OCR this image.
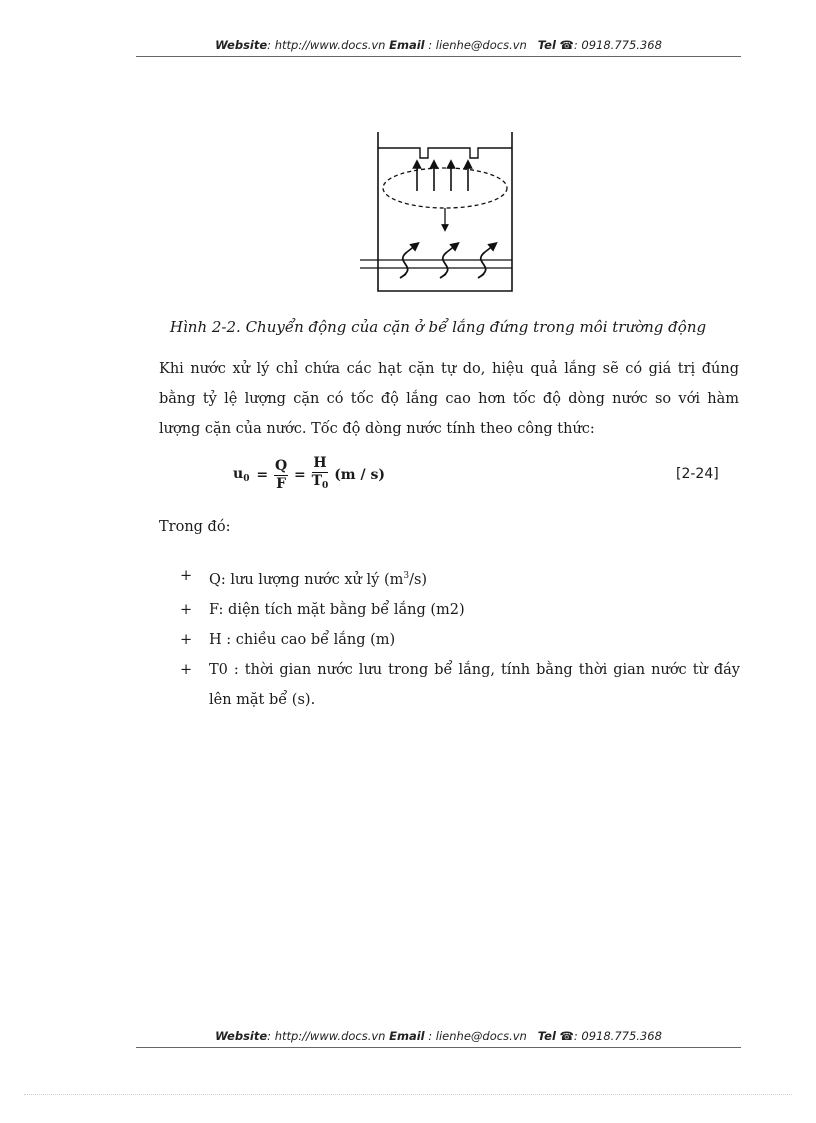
Website: http://www.docs.vn Email : lienhe@docs.vn Tel ☎: 0918.775.368
Hình 2-2. Chuyển động của cặn ở bể lắng đứng trong môi trường động
Khi nước xử lý chỉ chứa các hạt cặn tự do, hiệu quả lắng sẽ có giá trị đúng bằng tỷ lệ lượng cặn có tốc độ lắng cao hơn tốc độ dòng nước so với hàm lượng cặn của nước. Tốc độ dòng nước tính theo công thức:
$u_0 = \frac{Q}{F} = \frac{H}{T_0} (m / s)$	[2-24]
Trong đó:
+ Q: lưu lượng nước xử lý $(m^3/s)$
+ F: diện tích mặt bằng bể lắng (m2)
+ H : chiều cao bể lắng (m)
+ T0 : thời gian nước lưu trong bể lắng, tính bằng thời gian nước từ đáy lên mặt bể (s).
Website: http://www.docs.vn Email : lienhe@docs.vn Tel ☎: 0918.775.368
